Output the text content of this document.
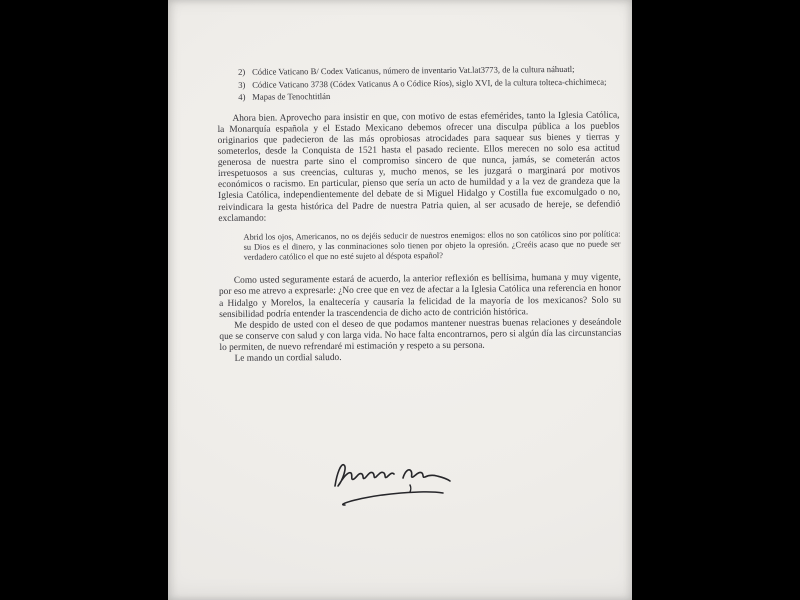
2) Códice Vaticano B/ Codex Vaticanus, número de inventario Vat.lat3773, de la cultura náhuatl;
3) Códice Vaticano 3738 (Códex Vaticanus A o Códice Ríos), siglo XVI, de la cultura tolteca-chichimeca;
4) Mapas de Tenochtitlán

Ahora bien. Aprovecho para insistir en que, con motivo de estas efemérides, tanto la Iglesia Católica, la Monarquía española y el Estado Mexicano debemos ofrecer una disculpa pública a los pueblos originarios que padecieron de las más oprobiosas atrocidades para saquear sus bienes y tierras y someterlos, desde la Conquista de 1521 hasta el pasado reciente. Ellos merecen no solo esa actitud generosa de nuestra parte sino el compromiso sincero de que nunca, jamás, se cometerán actos irrespetuosos a sus creencias, culturas y, mucho menos, se les juzgará o marginará por motivos económicos o racismo. En particular, pienso que sería un acto de humildad y a la vez de grandeza que la Iglesia Católica, independientemente del debate de si Miguel Hidalgo y Costilla fue excomulgado o no, reivindicara la gesta histórica del Padre de nuestra Patria quien, al ser acusado de hereje, se defendió exclamando:

Abrid los ojos, Americanos, no os dejéis seducir de nuestros enemigos: ellos no son católicos sino por política: su Dios es el dinero, y las conminaciones solo tienen por objeto la opresión. ¿Creéis acaso que no puede ser verdadero católico el que no esté sujeto al déspota español?

Como usted seguramente estará de acuerdo, la anterior reflexión es bellísima, humana y muy vigente, por eso me atrevo a expresarle: ¿No cree que en vez de afectar a la Iglesia Católica una referencia en honor a Hidalgo y Morelos, la enaltecería y causaría la felicidad de la mayoría de los mexicanos? Solo su sensibilidad podría entender la trascendencia de dicho acto de contrición histórica.

Me despido de usted con el deseo de que podamos mantener nuestras buenas relaciones y deseándole que se conserve con salud y con larga vida. No hace falta encontrarnos, pero si algún día las circunstancias lo permiten, de nuevo refrendaré mi estimación y respeto a su persona.

Le mando un cordial saludo.
